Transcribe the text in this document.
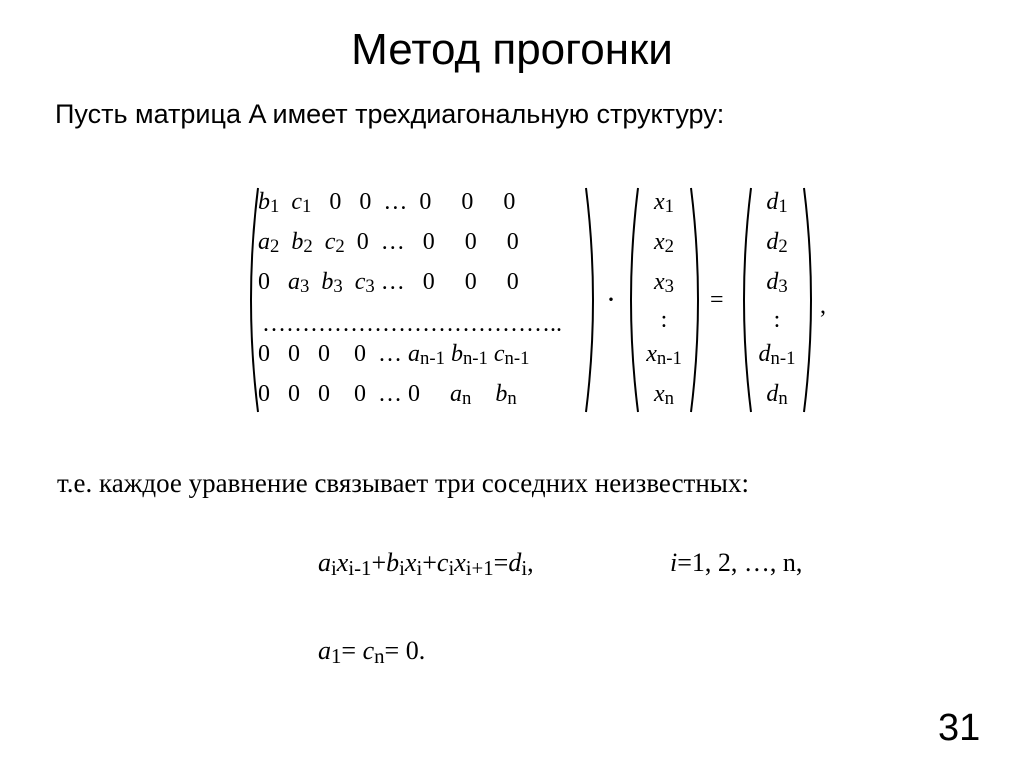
Метод прогонки
Пусть матрица A имеет трехдиагональную структуру:
$b_1$ $c_1$ 0 0 … 0 0 0
$a_2$ $b_2$ $c_2$ 0 … 0 0 0
0 $a_3$ $b_3$ $c_3$ … 0 0 0
………………………………..
0 0 0 0 … $a_{n-1}$ $b_{n-1}$ $c_{n-1}$
0 0 0 0 … 0 $a_n$ $b_n$
·
$x_1$
$x_2$
$x_3$
:
$x_{n-1}$
$x_n$
=
$d_1$
$d_2$
$d_3$
:
$d_{n-1}$
$d_n$
,
т.е. каждое уравнение связывает три соседних неизвестных:
$a_ix_{i-1}+b_ix_i+c_ix_{i+1}=d_i$,	i=1, 2, …, n,
$a_1= c_n= 0$.
31
